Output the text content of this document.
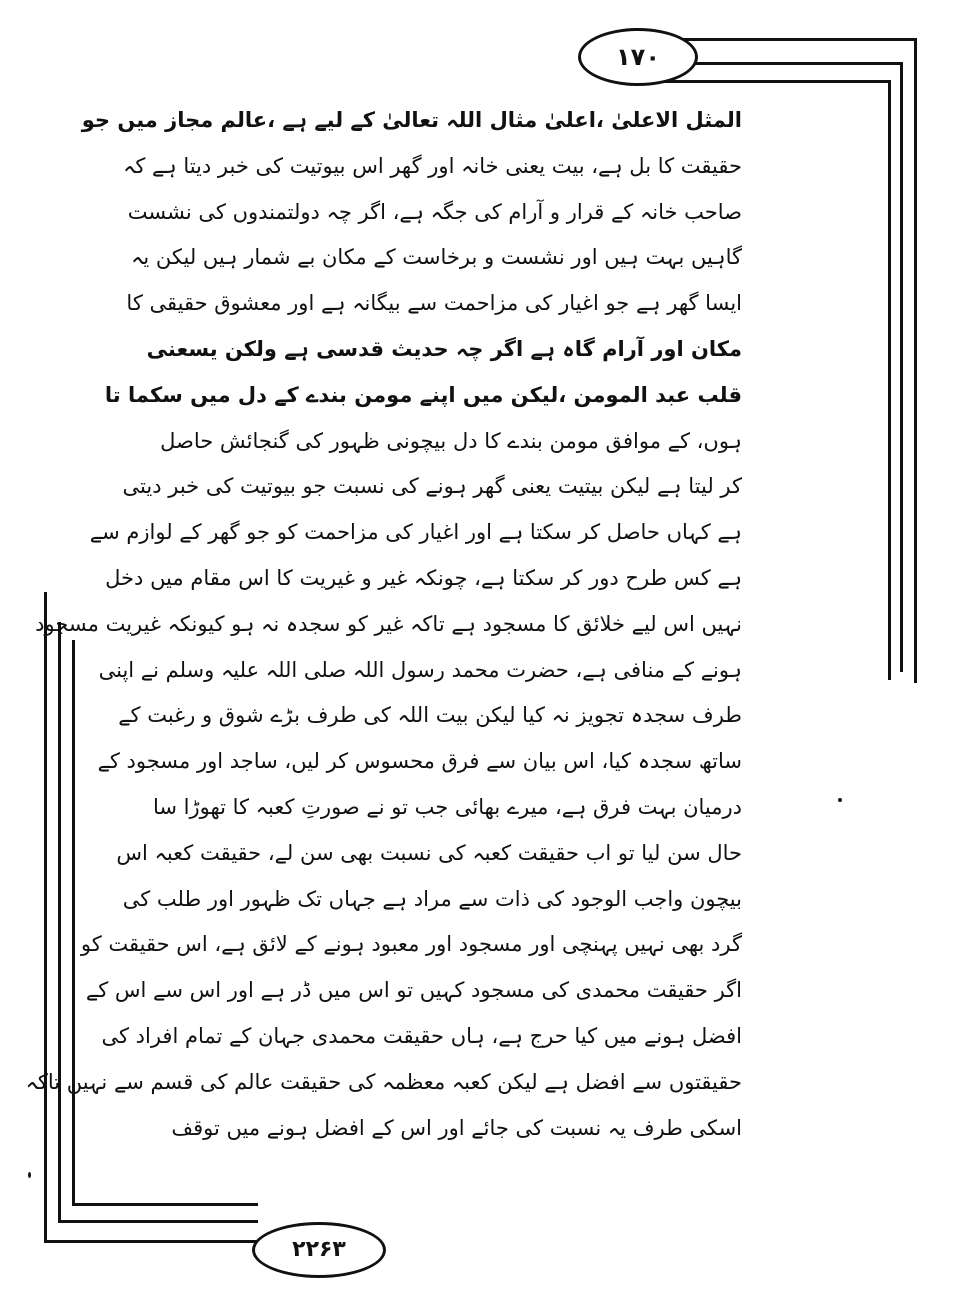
۱۷۰
۲۲۶۳
المثل الاعلیٰ ،اعلیٰ مثال اللہ تعالیٰ کے لیے ہے ،عالم مجاز میں جو
حقیقت کا بل ہے، بیت یعنی خانہ اور گھر اس بیوتیت کی خبر دیتا ہے کہ
صاحب خانہ کے قرار و آرام کی جگہ ہے، اگر چہ دولتمندوں کی نشست
گاہیں بہت ہیں اور نشست و برخاست کے مکان بے شمار ہیں لیکن یہ
ایسا گھر ہے جو اغیار کی مزاحمت سے بیگانہ ہے اور معشوق حقیقی کا
مکان اور آرام گاہ ہے اگر چہ حدیث قدسی ہے ولکن یسعنی
قلب عبد المومن ،لیکن میں اپنے مومن بندے کے دل میں سکما تا
ہوں، کے موافق مومن بندے کا دل بیچونی ظہور کی گنجائش حاصل
کر لیتا ہے لیکن بیتیت یعنی گھر ہونے کی نسبت جو بیوتیت کی خبر دیتی
ہے کہاں حاصل کر سکتا ہے اور اغیار کی مزاحمت کو جو گھر کے لوازم سے
ہے کس طرح دور کر سکتا ہے، چونکہ غیر و غیریت کا اس مقام میں دخل
نہیں اس لیے خلائق کا مسجود ہے تاکہ غیر کو سجدہ نہ ہو کیونکہ غیریت مسجود
ہونے کے منافی ہے، حضرت محمد رسول اللہ صلی اللہ علیہ وسلم نے اپنی
طرف سجدہ تجویز نہ کیا لیکن بیت اللہ کی طرف بڑے شوق و رغبت کے
ساتھ سجدہ کیا، اس بیان سے فرق محسوس کر لیں، ساجد اور مسجود کے
درمیان بہت فرق ہے، میرے بھائی جب تو نے صورتِ کعبہ کا تھوڑا سا
حال سن لیا تو اب حقیقت کعبہ کی نسبت بھی سن لے، حقیقت کعبہ اس
بیچون واجب الوجود کی ذات سے مراد ہے جہاں تک ظہور اور طلب کی
گرد بھی نہیں پہنچی اور مسجود اور معبود ہونے کے لائق ہے، اس حقیقت کو
اگر حقیقت محمدی کی مسجود کہیں تو اس میں ڈر ہے اور اس سے اس کے
افضل ہونے میں کیا حرج ہے، ہاں حقیقت محمدی جہان کے تمام افراد کی
حقیقتوں سے افضل ہے لیکن کعبہ معظمہ کی حقیقت عالم کی قسم سے نہیں تاکہ
اسکی طرف یہ نسبت کی جائے اور اس کے افضل ہونے میں توقف
